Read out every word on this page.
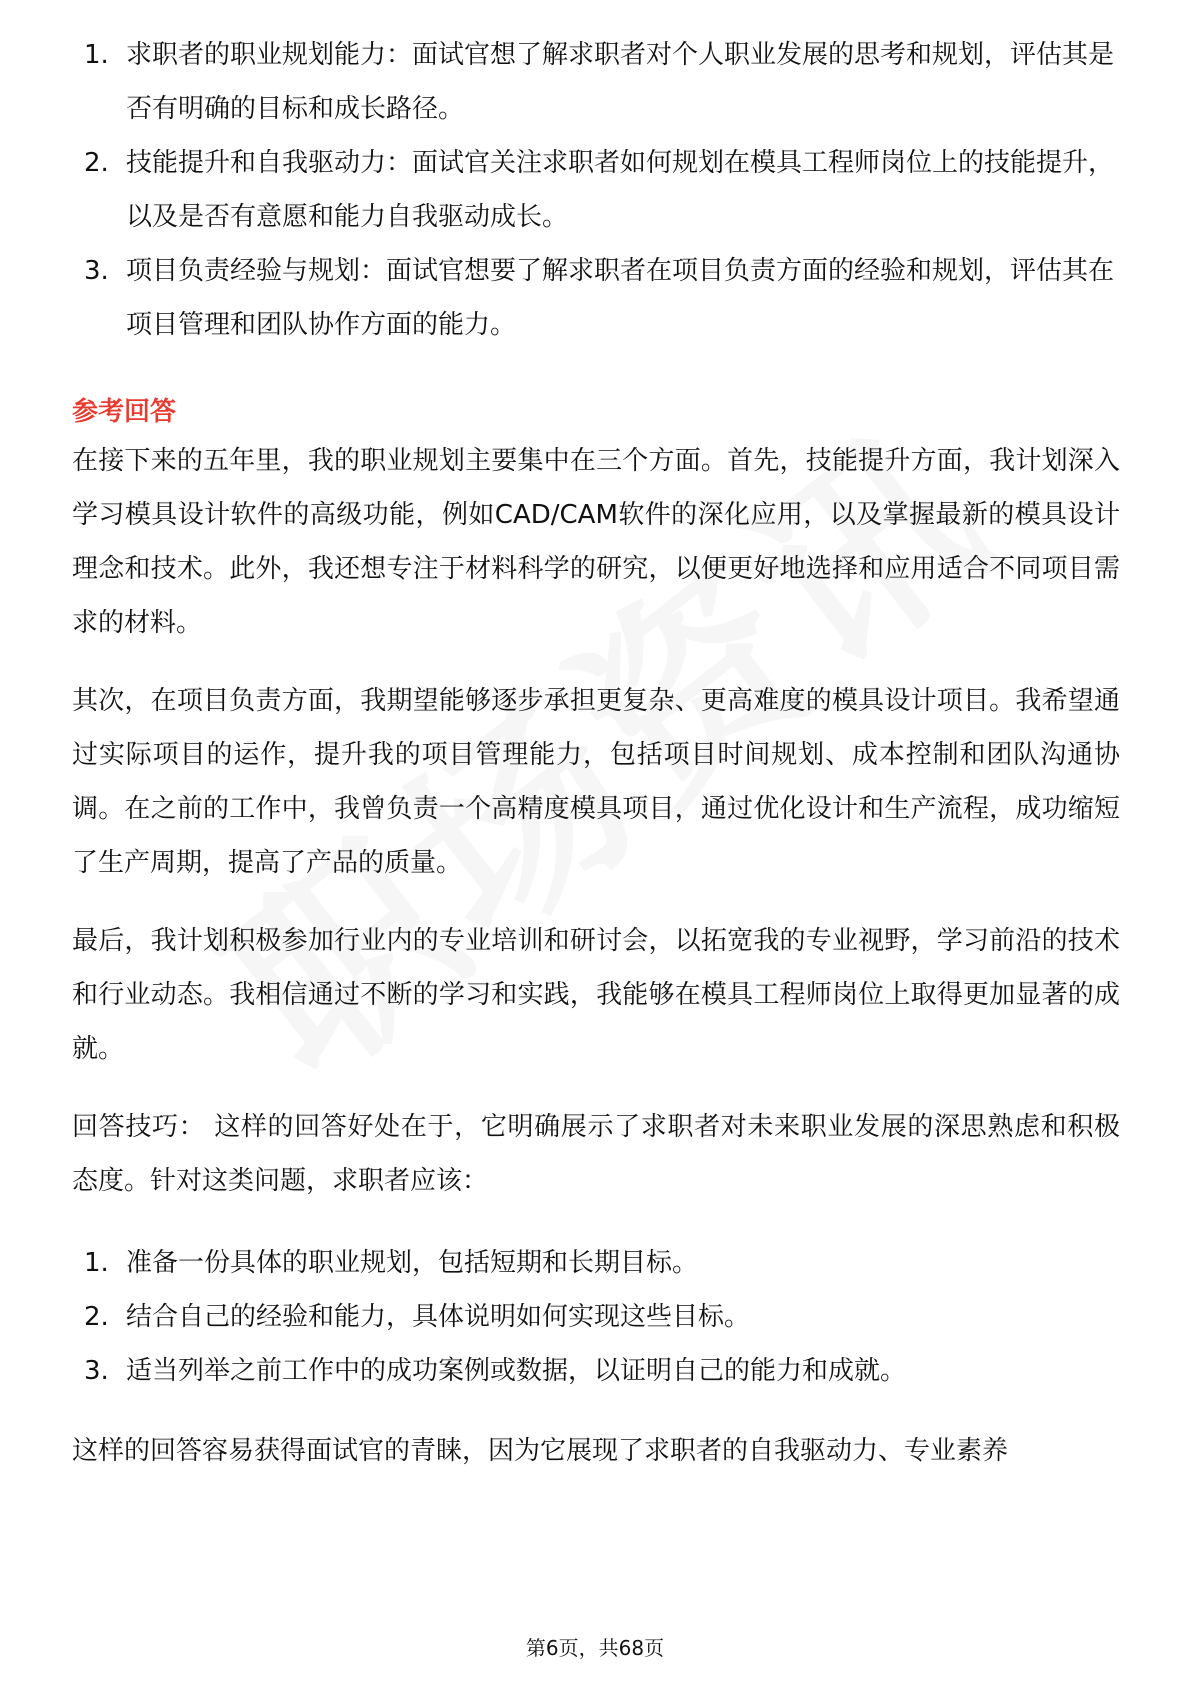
1. 求职者的职业规划能力：面试官想了解求职者对个人职业发展的思考和规划，评估其是否有明确的目标和成长路径。
2. 技能提升和自我驱动力：面试官关注求职者如何规划在模具工程师岗位上的技能提升，以及是否有意愿和能力自我驱动成长。
3. 项目负责经验与规划：面试官想要了解求职者在项目负责方面的经验和规划，评估其在项目管理和团队协作方面的能力。
参考回答

在接下来的五年里，我的职业规划主要集中在三个方面。首先，技能提升方面，我计划深入学习模具设计软件的高级功能，例如CAD/CAM软件的深化应用，以及掌握最新的模具设计理念和技术。此外，我还想专注于材料科学的研究，以便更好地选择和应用适合不同项目需求的材料。

其次，在项目负责方面，我期望能够逐步承担更复杂、更高难度的模具设计项目。我希望通过实际项目的运作，提升我的项目管理能力，包括项目时间规划、成本控制和团队沟通协调。在之前的工作中，我曾负责一个高精度模具项目，通过优化设计和生产流程，成功缩短了生产周期，提高了产品的质量。

最后，我计划积极参加行业内的专业培训和研讨会，以拓宽我的专业视野，学习前沿的技术和行业动态。我相信通过不断的学习和实践，我能够在模具工程师岗位上取得更加显著的成就。

回答技巧： 这样的回答好处在于，它明确展示了求职者对未来职业发展的深思熟虑和积极态度。针对这类问题，求职者应该：

1. 准备一份具体的职业规划，包括短期和长期目标。
2. 结合自己的经验和能力，具体说明如何实现这些目标。
3. 适当列举之前工作中的成功案例或数据，以证明自己的能力和成就。

这样的回答容易获得面试官的青睐，因为它展现了求职者的自我驱动力、专业素养

第6页，共68页
